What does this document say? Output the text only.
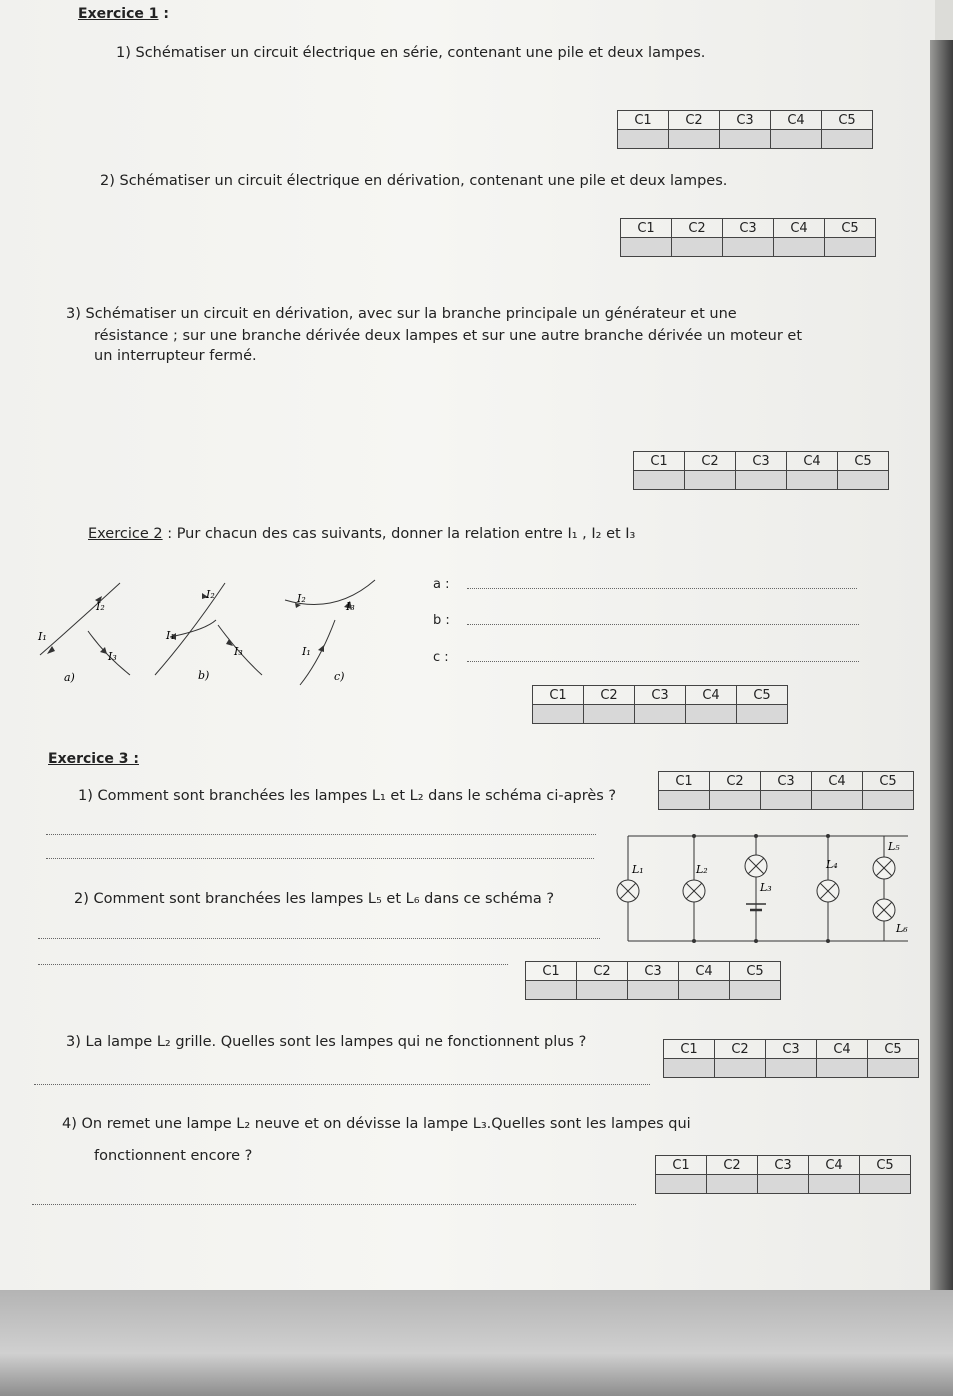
Exercice 1 :
1) Schématiser un circuit électrique en série, contenant une pile et deux lampes.
C1	C2	C3	C4	C5

2) Schématiser un circuit électrique en dérivation, contenant une pile et deux lampes.
C1	C2	C3	C4	C5

3) Schématiser un circuit en dérivation, avec sur la branche principale un générateur et une
résistance ; sur une branche dérivée deux lampes et sur une autre branche dérivée un moteur et
un interrupteur fermé.
C1	C2	C3	C4	C5

Exercice 2 : Pur chacun des cas suivants, donner la relation entre I₁ , I₂ et I₃
I₂
I₁
I₃
a)
I₂
I₁
I₃
b)
I₂
I₃
I₁
c)
a :
b :
c :
C1	C2	C3	C4	C5

Exercice 3 :
1) Comment sont branchées les lampes L₁ et L₂ dans le schéma ci-après ?
C1	C2	C3	C4	C5

L₁	L₂
L₃
L₄
L₅
L₆
2) Comment sont branchées les lampes L₅ et L₆ dans ce schéma ?
C1	C2	C3	C4	C5

3) La lampe L₂ grille. Quelles sont les lampes qui ne fonctionnent plus ?	C1	C2	C3	C4	C5

4) On remet une lampe L₂ neuve et on dévisse la lampe L₃.Quelles sont les lampes qui
fonctionnent encore ?
C1	C2	C3	C4	C5
